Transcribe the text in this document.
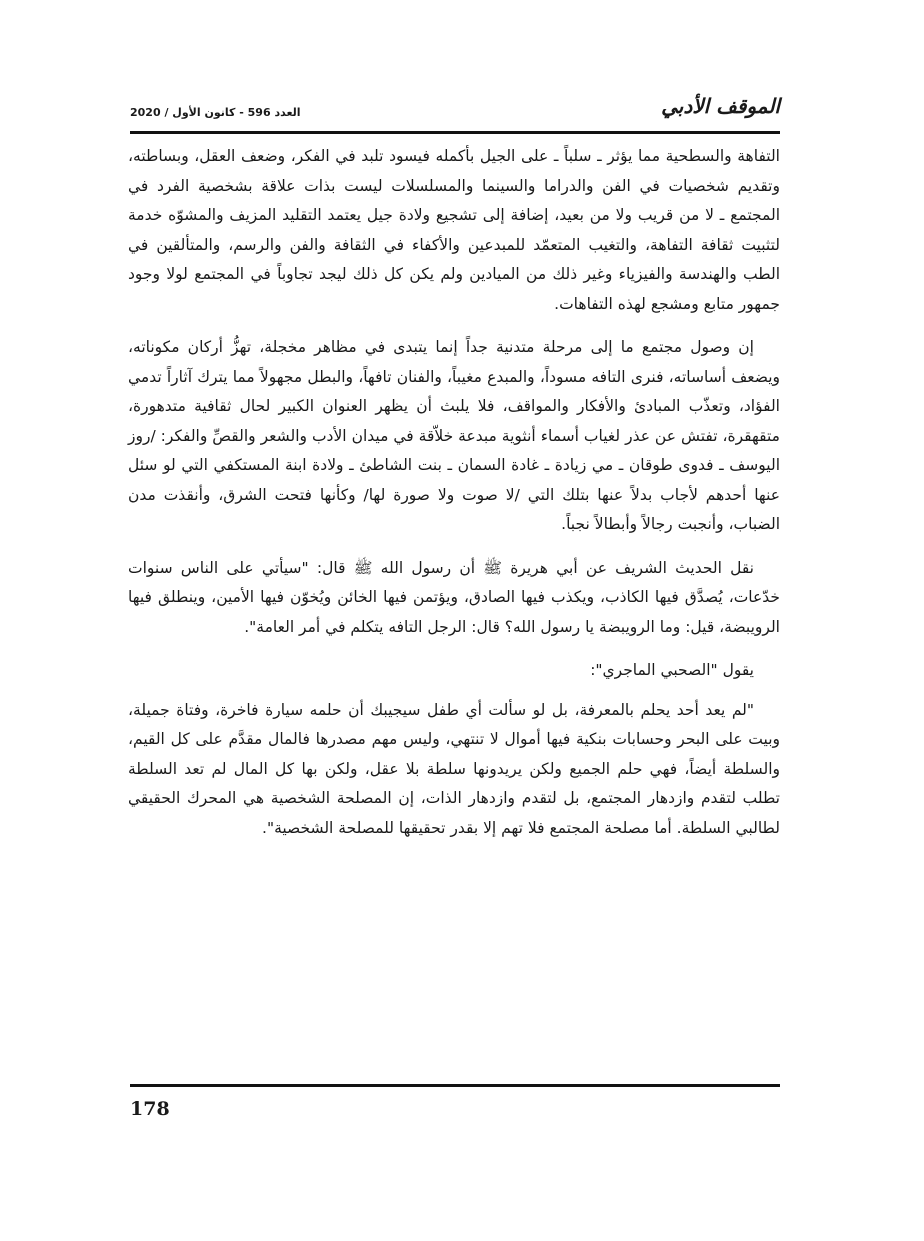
العدد 596 - كانون الأول / 2020	الموقف الأدبي

التفاهة والسطحية مما يؤثر ـ سلباً ـ على الجيل بأكمله فيسود تلبد في الفكر، وضعف العقل، وبساطته، وتقديم شخصيات في الفن والدراما والسينما والمسلسلات ليست بذات علاقة بشخصية الفرد في المجتمع ـ لا من قريب ولا من بعيد، إضافة إلى تشجيع ولادة جيل يعتمد التقليد المزيف والمشوّه خدمة لتثبيت ثقافة التفاهة، والتغيب المتعمّد للمبدعين والأكفاء في الثقافة والفن والرسم، والمتألقين في الطب والهندسة والفيزياء وغير ذلك من الميادين ولم يكن كل ذلك ليجد تجاوباً في المجتمع لولا وجود جمهور متابع ومشجع لهذه التفاهات.

إن وصول مجتمع ما إلى مرحلة متدنية جداً إنما يتبدى في مظاهر مخجلة، تهزُّ أركان مكوناته، ويضعف أساساته، فنرى التافه مسوداً، والمبدع مغيباً، والفنان تافهاً، والبطل مجهولاً مما يترك آثاراً تدمي الفؤاد، وتعذّب المبادئ والأفكار والمواقف، فلا يلبث أن يظهر العنوان الكبير لحال ثقافية متدهورة، متقهقرة، تفتش عن عذر لغياب أسماء أنثوية مبدعة خلاّقة في ميدان الأدب والشعر والقصِّ والفكر: /روز اليوسف ـ فدوى طوقان ـ مي زيادة ـ غادة السمان ـ بنت الشاطئ ـ ولادة ابنة المستكفي التي لو سئل عنها أحدهم لأجاب بدلاً عنها بتلك التي /لا صوت ولا صورة لها/ وكأنها فتحت الشرق، وأنقذت مدن الضباب، وأنجبت رجالاً وأبطالاً نجباً.

نقل الحديث الشريف عن أبي هريرة ﷺ أن رسول الله ﷺ قال: "سيأتي على الناس سنوات خدّعات، يُصدَّق فيها الكاذب، ويكذب فيها الصادق، ويؤتمن فيها الخائن ويُخوّن فيها الأمين، وينطلق فيها الرويبضة، قيل: وما الرويبضة يا رسول الله؟ قال: الرجل التافه يتكلم في أمر العامة".

يقول "الصحبي الماجري":

"لم يعد أحد يحلم بالمعرفة، بل لو سألت أي طفل سيجيبك أن حلمه سيارة فاخرة، وفتاة جميلة، وبيت على البحر وحسابات بنكية فيها أموال لا تنتهي، وليس مهم مصدرها فالمال مقدَّم على كل القيم، والسلطة أيضاً، فهي حلم الجميع ولكن يريدونها سلطة بلا عقل، ولكن بها كل المال لم تعد السلطة تطلب لتقدم وازدهار المجتمع، بل لتقدم وازدهار الذات، إن المصلحة الشخصية هي المحرك الحقيقي لطالبي السلطة. أما مصلحة المجتمع فلا تهم إلا بقدر تحقيقها للمصلحة الشخصية".

178
